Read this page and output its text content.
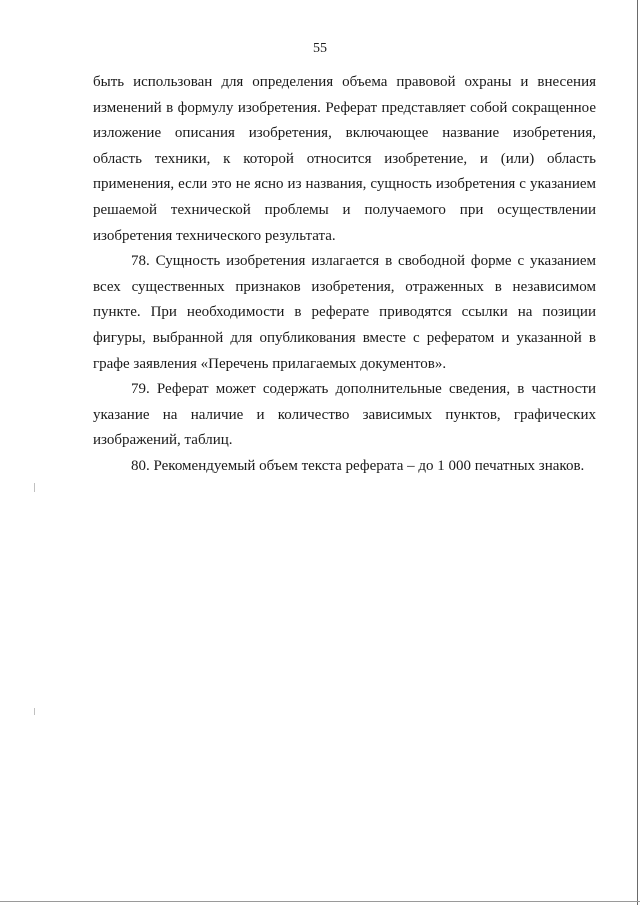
55

быть использован для определения объема правовой охраны и внесения изменений в формулу изобретения. Реферат представляет собой сокращенное изложение описания изобретения, включающее название изобретения, область техники, к которой относится изобретение, и (или) область применения, если это не ясно из названия, сущность изобретения с указанием решаемой технической проблемы и получаемого при осуществлении изобретения технического результата.

78. Сущность изобретения излагается в свободной форме с указанием всех существенных признаков изобретения, отраженных в независимом пункте. При необходимости в реферате приводятся ссылки на позиции фигуры, выбранной для опубликования вместе с рефератом и указанной в графе заявления «Перечень прилагаемых документов».

79. Реферат может содержать дополнительные сведения, в частности указание на наличие и количество зависимых пунктов, графических изображений, таблиц.

80. Рекомендуемый объем текста реферата – до 1 000 печатных знаков.
